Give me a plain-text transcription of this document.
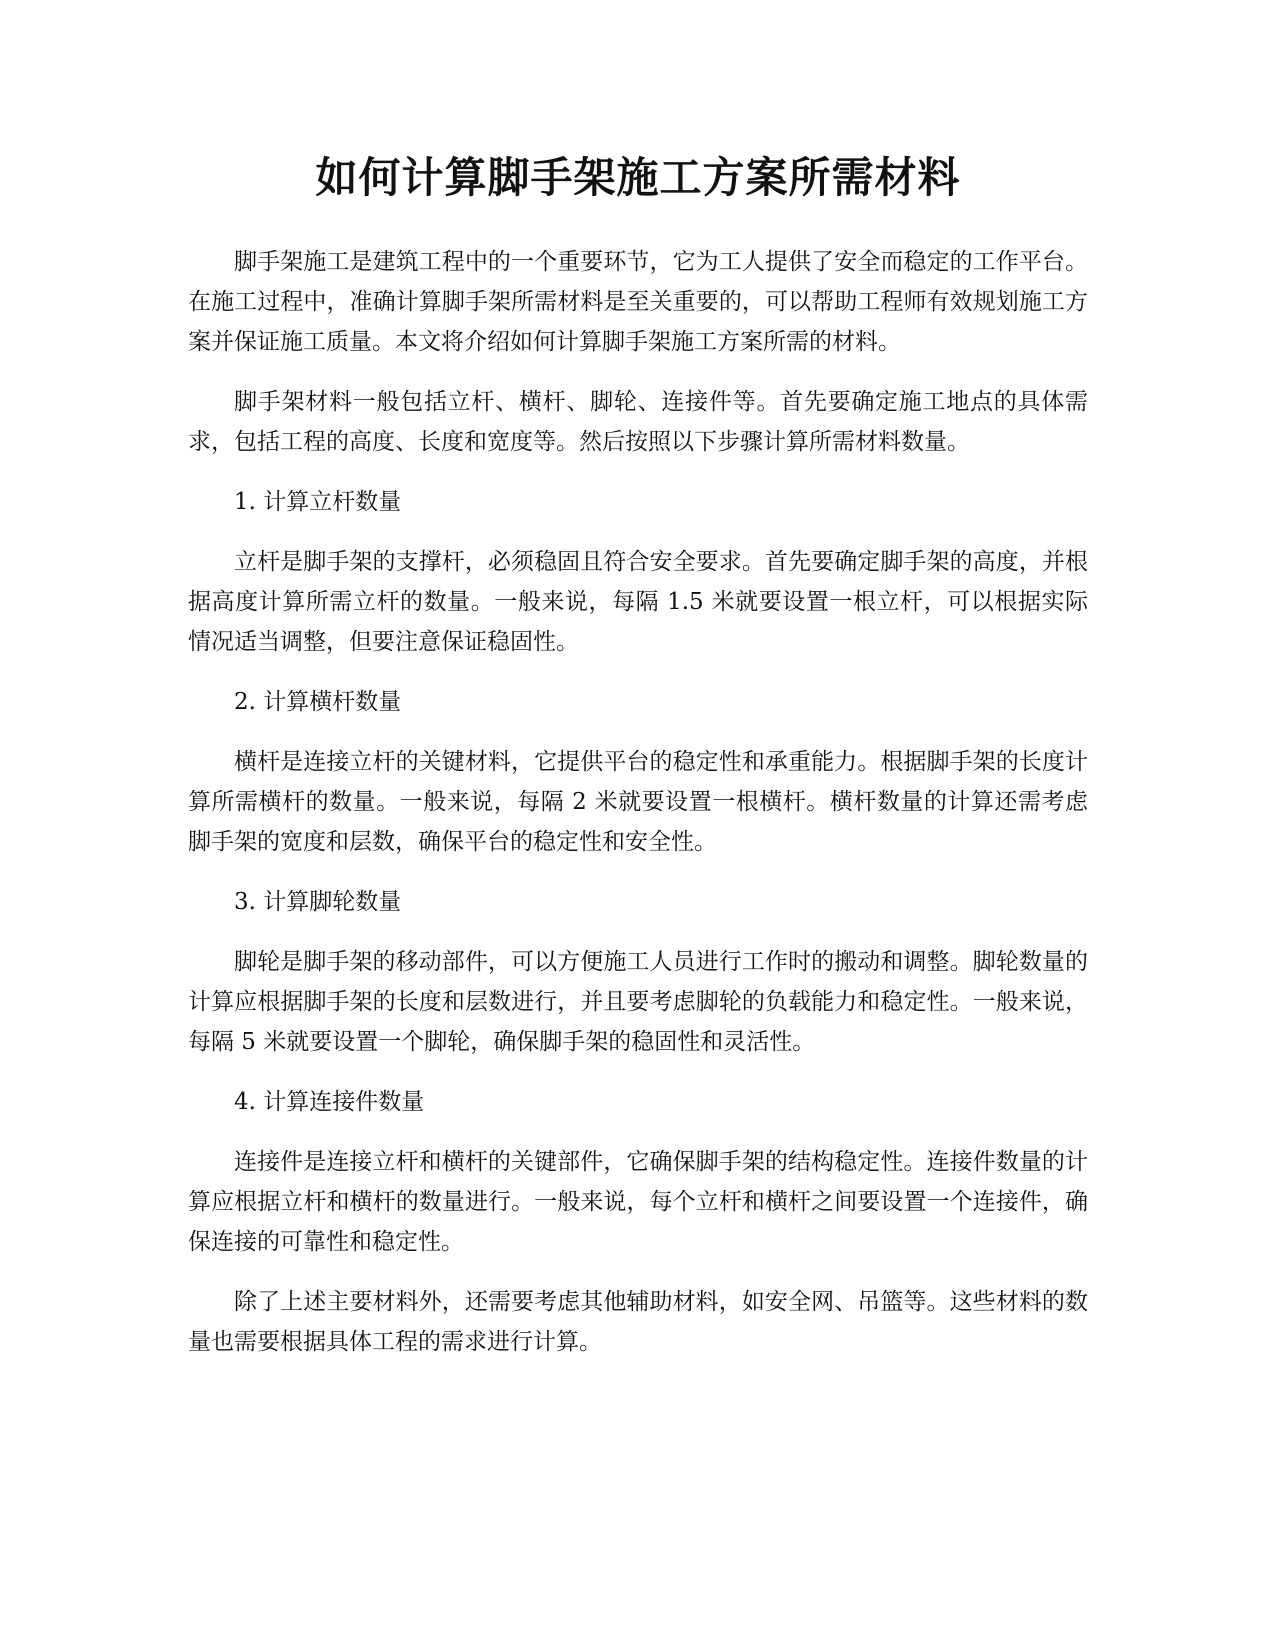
如何计算脚手架施工方案所需材料

脚手架施工是建筑工程中的一个重要环节，它为工人提供了安全而稳定的工作平台。在施工过程中，准确计算脚手架所需材料是至关重要的，可以帮助工程师有效规划施工方案并保证施工质量。本文将介绍如何计算脚手架施工方案所需的材料。

脚手架材料一般包括立杆、横杆、脚轮、连接件等。首先要确定施工地点的具体需求，包括工程的高度、长度和宽度等。然后按照以下步骤计算所需材料数量。

1. 计算立杆数量

立杆是脚手架的支撑杆，必须稳固且符合安全要求。首先要确定脚手架的高度，并根据高度计算所需立杆的数量。一般来说，每隔 1.5 米就要设置一根立杆，可以根据实际情况适当调整，但要注意保证稳固性。

2. 计算横杆数量

横杆是连接立杆的关键材料，它提供平台的稳定性和承重能力。根据脚手架的长度计算所需横杆的数量。一般来说，每隔 2 米就要设置一根横杆。横杆数量的计算还需考虑脚手架的宽度和层数，确保平台的稳定性和安全性。

3. 计算脚轮数量

脚轮是脚手架的移动部件，可以方便施工人员进行工作时的搬动和调整。脚轮数量的计算应根据脚手架的长度和层数进行，并且要考虑脚轮的负载能力和稳定性。一般来说，每隔 5 米就要设置一个脚轮，确保脚手架的稳固性和灵活性。

4. 计算连接件数量

连接件是连接立杆和横杆的关键部件，它确保脚手架的结构稳定性。连接件数量的计算应根据立杆和横杆的数量进行。一般来说，每个立杆和横杆之间要设置一个连接件，确保连接的可靠性和稳定性。

除了上述主要材料外，还需要考虑其他辅助材料，如安全网、吊篮等。这些材料的数量也需要根据具体工程的需求进行计算。
